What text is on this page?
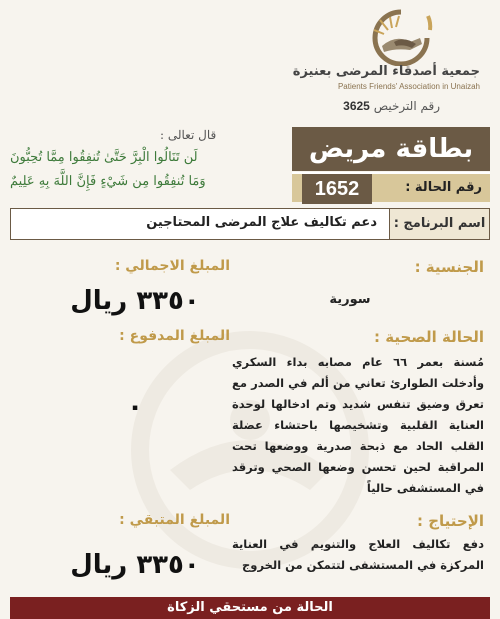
جمعية أصدقاء المرضى بعنيزة
Patients Friends' Association in Unaizah
رقم الترخيص 3625
قال تعالى :
لَن تَنَالُوا الْبِرَّ حَتَّىٰ تُنفِقُوا مِمَّا تُحِبُّونَ
وَمَا تُنفِقُوا مِن شَيْءٍ فَإِنَّ اللَّهَ بِهِ عَلِيمٌ
بطاقة مريض
رقم الحالة :
1652
اسم البرنامج :
دعم تكاليف علاج المرضى المحتاجين
الجنسية :
سورية
الحالة الصحية :
مُسنة بعمر ٦٦ عام مصابه بداء السكري وأدخلت الطوارئ تعاني من ألم في الصدر مع تعرق وضيق تنفس شديد وتم ادخالها لوحدة العناية القلبية وتشخيصها باحتشاء عضلة القلب الحاد مع ذبحة صدرية ووضعها تحت المراقبة لحين تحسن وضعها الصحي وترقد في المستشفى حالياً
الإحتياج :
دفع تكاليف العلاج والتنويم في العناية المركزة في المستشفى لتتمكن من الخروج
المبلغ الاجمالي :
٣٣٥٠ ريال
المبلغ المدفوع :
٠
المبلغ المتبقي :
٣٣٥٠ ريال
الحالة من مستحقي الزكاة
